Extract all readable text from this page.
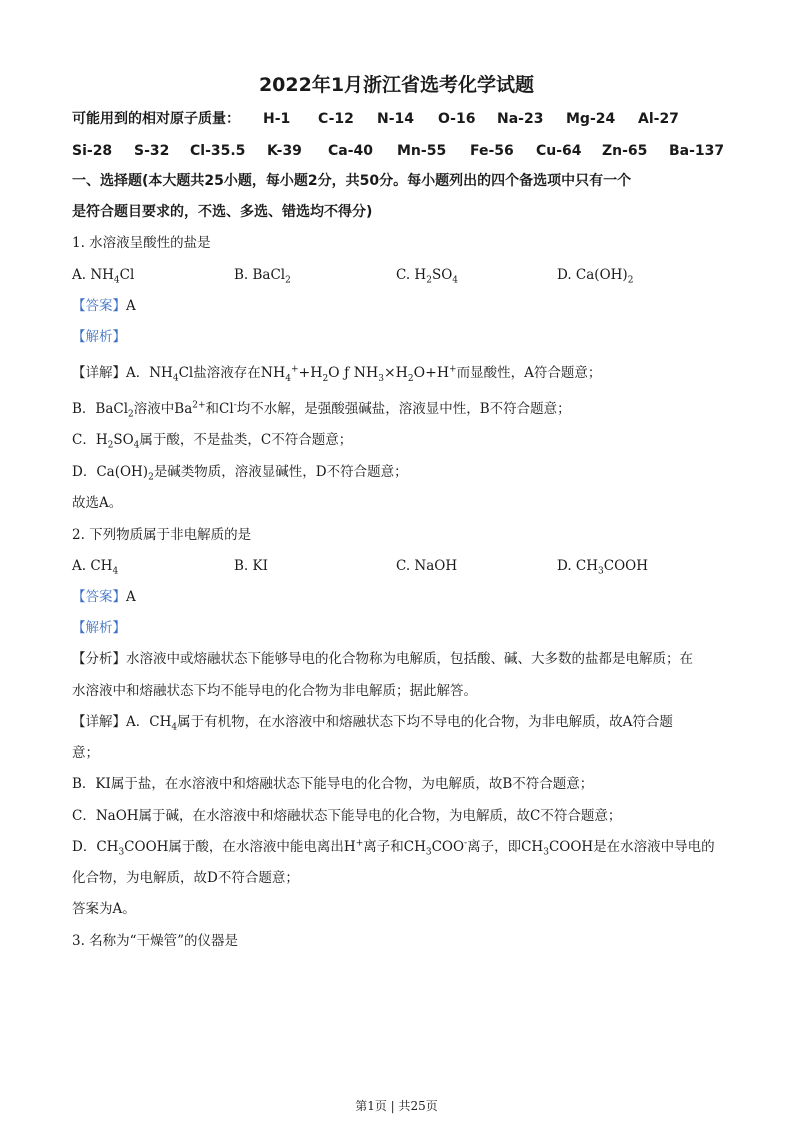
2022年1月浙江省选考化学试题
可能用到的相对原子质量： H-1 C-12 N-14 O-16 Na-23 Mg-24 Al-27
Si-28 S-32 Cl-35.5 K-39 Ca-40 Mn-55 Fe-56 Cu-64 Zn-65 Ba-137
一、选择题(本大题共25小题，每小题2分，共50分。每小题列出的四个备选项中只有一个
是符合题目要求的，不选、多选、错选均不得分)
1. 水溶液呈酸性的盐是
A. $NH_4Cl$	B. BaCl$_2$	C. $H_2SO_4$	D. $Ca(OH)_2$
【答案】A
【解析】
【详解】A．$NH_4Cl$盐溶液存在$NH_4^++H_2O$ ƒ $NH_3\times H_2O+H^+$而显酸性，A符合题意；
B．BaCl$_2$溶液中$Ba^{2+}$和Cl-均不水解，是强酸强碱盐，溶液显中性，B不符合题意；
C．$H_2SO_4$属于酸，不是盐类，C不符合题意；
D．$Ca(OH)_2$是碱类物质，溶液显碱性，D不符合题意；
故选A。
2. 下列物质属于非电解质的是
A. $CH_4$	B. KI	C. NaOH	D. $CH_3COOH$
【答案】A
【解析】
【分析】水溶液中或熔融状态下能够导电的化合物称为电解质，包括酸、碱、大多数的盐都是电解质；在
水溶液中和熔融状态下均不能导电的化合物为非电解质；据此解答。
【详解】A．$CH_4$属于有机物，在水溶液中和熔融状态下均不导电的化合物，为非电解质，故A符合题
意；
B．KI属于盐，在水溶液中和熔融状态下能导电的化合物，为电解质，故B不符合题意；
C．NaOH属于碱，在水溶液中和熔融状态下能导电的化合物，为电解质，故C不符合题意；
D．$CH_3COOH$属于酸，在水溶液中能电离出H+离子和$CH_3COO^-$离子，即$CH_3COOH$是在水溶液中导电的
化合物，为电解质，故D不符合题意；
答案为A。
3. 名称为“干燥管”的仪器是
第1页 | 共25页
